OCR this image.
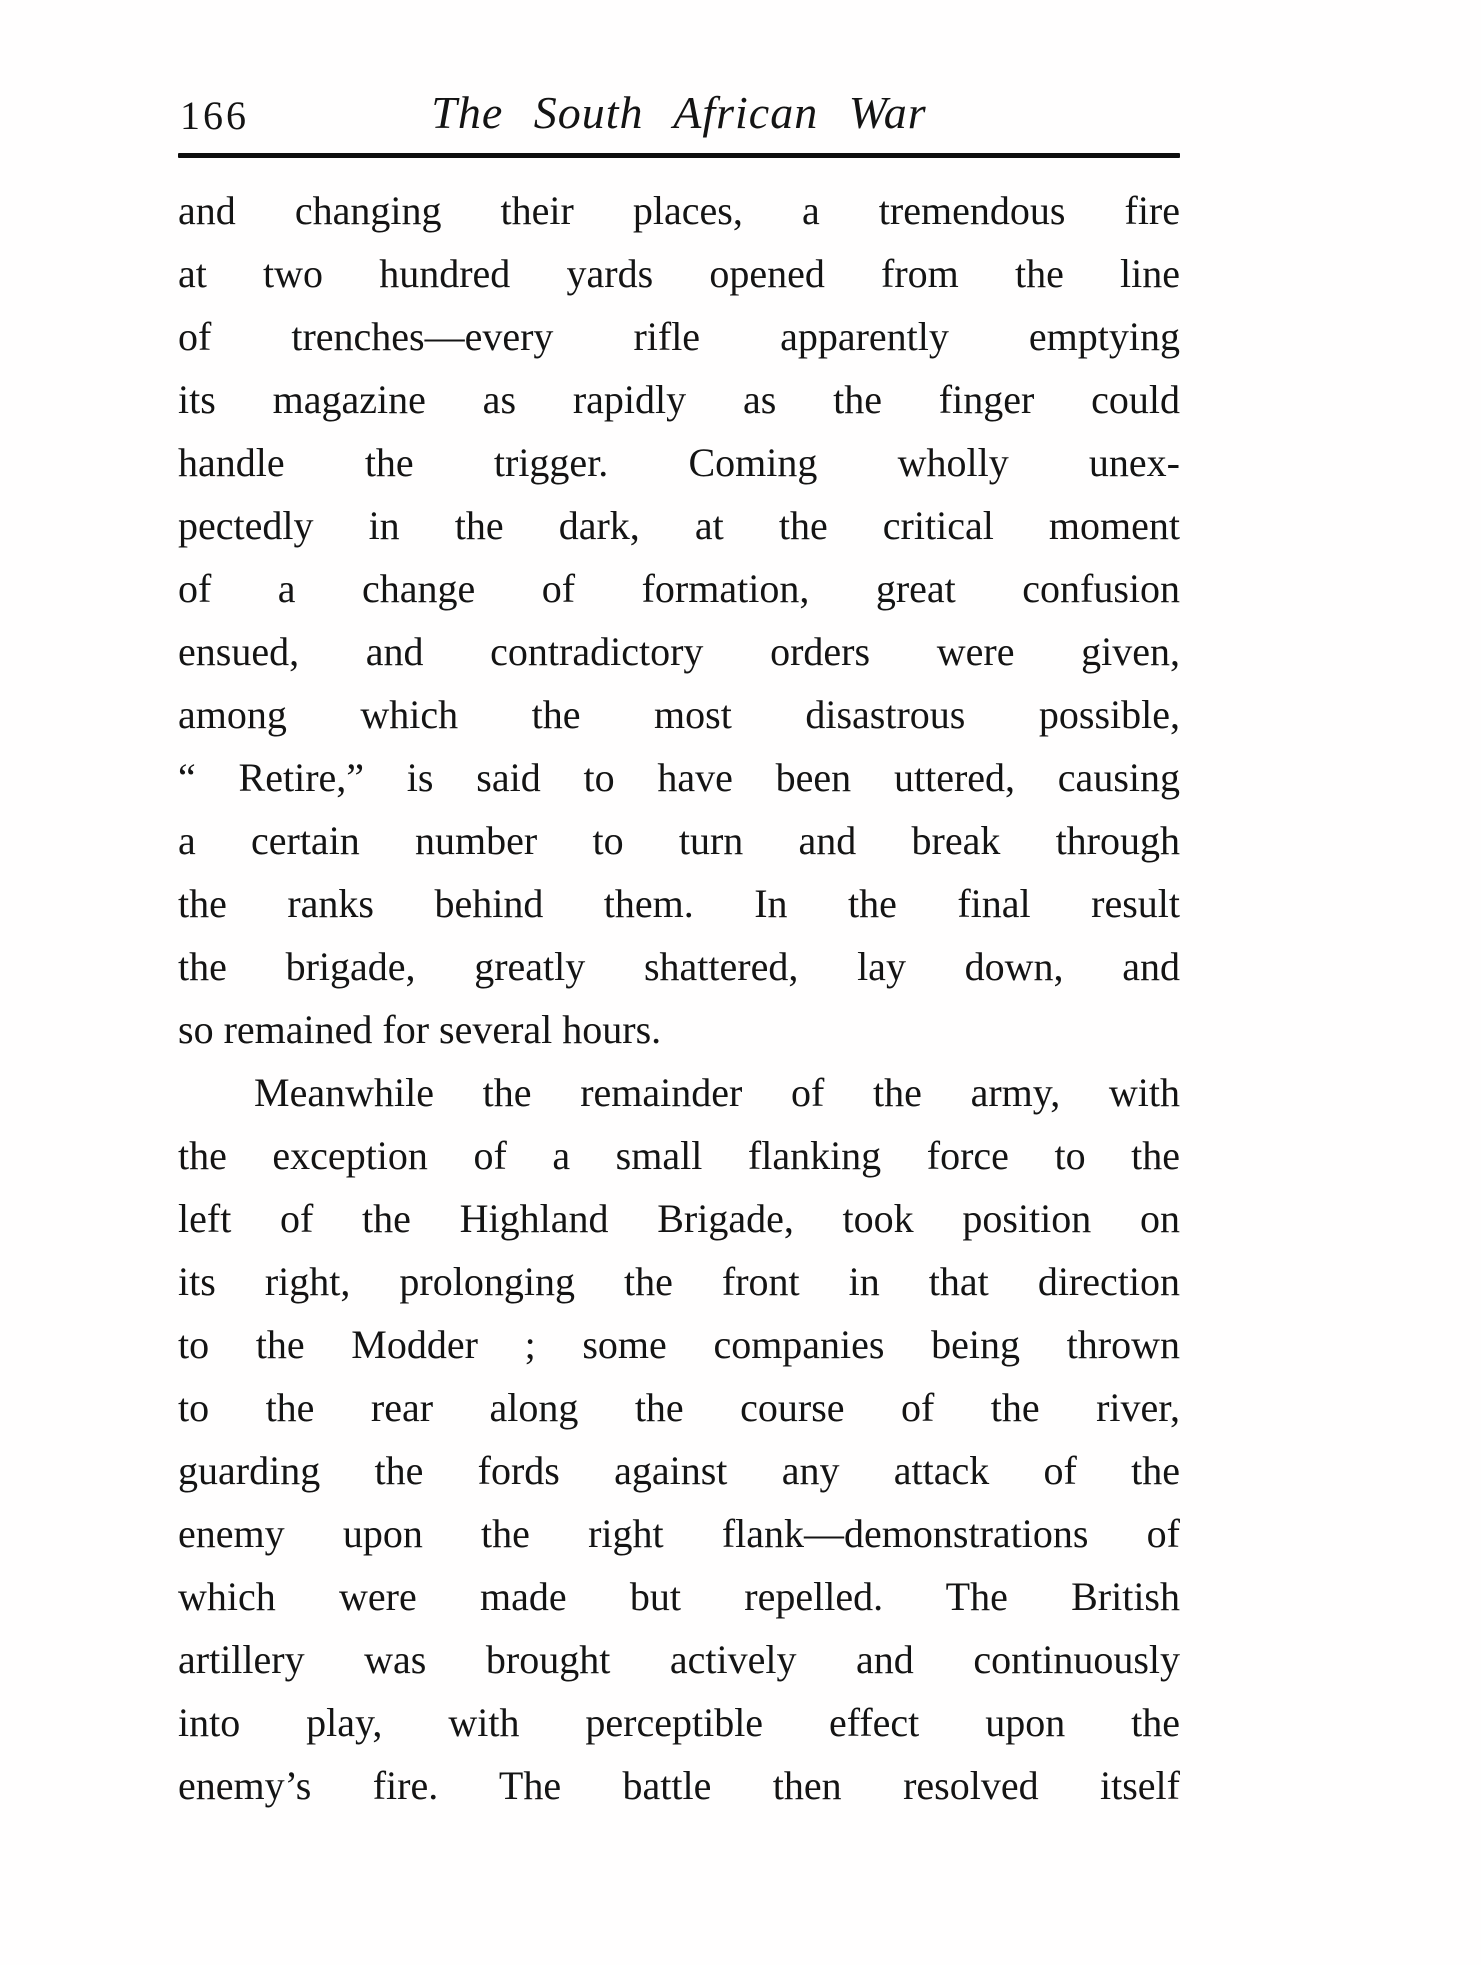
166	The South African War
and changing their places, a tremendous fire
at two hundred yards opened from the line
of trenches—every rifle apparently emptying
its magazine as rapidly as the finger could
handle the trigger. Coming wholly unex-
pectedly in the dark, at the critical moment
of a change of formation, great confusion
ensued, and contradictory orders were given,
among which the most disastrous possible,
“ Retire,” is said to have been uttered, causing
a certain number to turn and break through
the ranks behind them. In the final result
the brigade, greatly shattered, lay down, and
so remained for several hours.
Meanwhile the remainder of the army, with
the exception of a small flanking force to the
left of the Highland Brigade, took position on
its right, prolonging the front in that direction
to the Modder ; some companies being thrown
to the rear along the course of the river,
guarding the fords against any attack of the
enemy upon the right flank—demonstrations of
which were made but repelled. The British
artillery was brought actively and continuously
into play, with perceptible effect upon the
enemy’s fire. The battle then resolved itself
